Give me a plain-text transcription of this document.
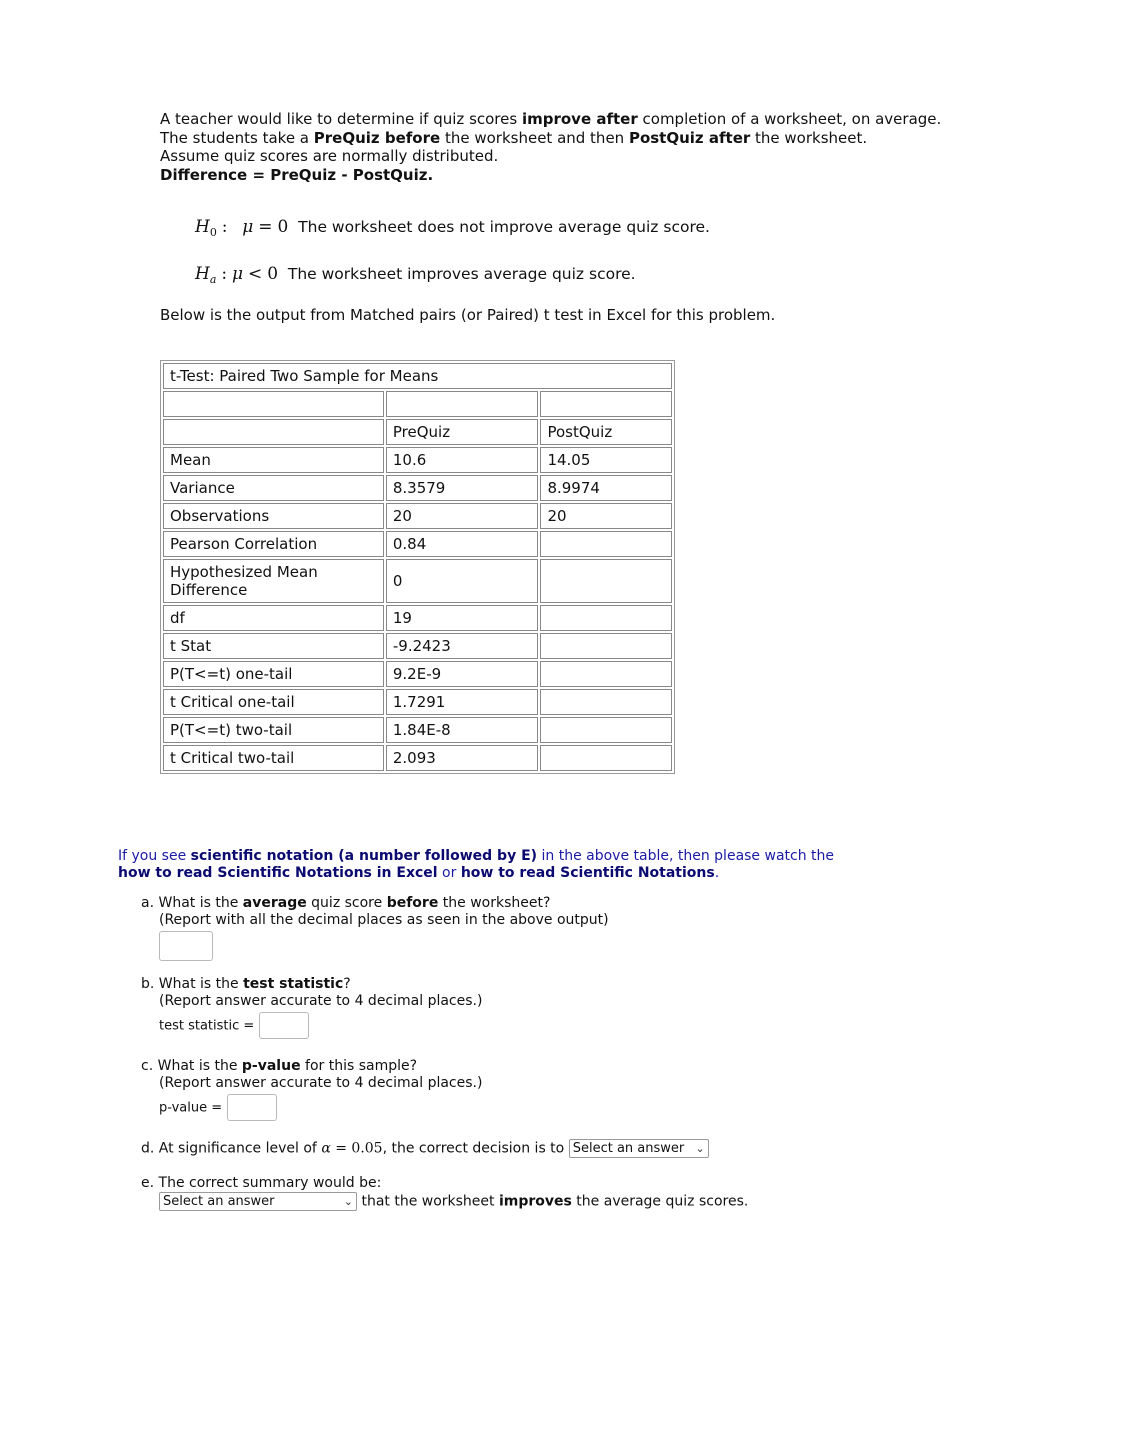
A teacher would like to determine if quiz scores improve after completion of a worksheet, on average.

The students take a PreQuiz before the worksheet and then PostQuiz after the worksheet.

Assume quiz scores are normally distributed.

Difference = PreQuiz - PostQuiz.

$H_0$ : μ = 0 The worksheet does not improve average quiz score.
$H_a$ : μ < 0 The worksheet improves average quiz score.
Below is the output from Matched pairs (or Paired) t test in Excel for this problem.
t-Test: Paired Two Sample for Means		

	PreQuiz	PostQuiz
Mean	10.6	14.05
Variance	8.3579	8.9974
Observations	20	20
Pearson Correlation	0.84	
Hypothesized Mean Difference	0	
df	19	
t Stat	-9.2423	
P(T<=t) one-tail	9.2E-9	
t Critical one-tail	1.7291	
P(T<=t) two-tail	1.84E-8	
t Critical two-tail	2.093	
If you see scientific notation (a number followed by E) in the above table, then please watch the how to read Scientific Notations in Excel or how to read Scientific Notations.
a. What is the average quiz score before the worksheet?
(Report with all the decimal places as seen in the above output)
b. What is the test statistic?
(Report answer accurate to 4 decimal places.)
test statistic =
c. What is the p-value for this sample?
(Report answer accurate to 4 decimal places.)
p-value =
d. At significance level of α = 0.05, the correct decision is to Select an answer ⌄
e. The correct summary would be:
Select an answer	⌄ that the worksheet improves the average quiz scores.
